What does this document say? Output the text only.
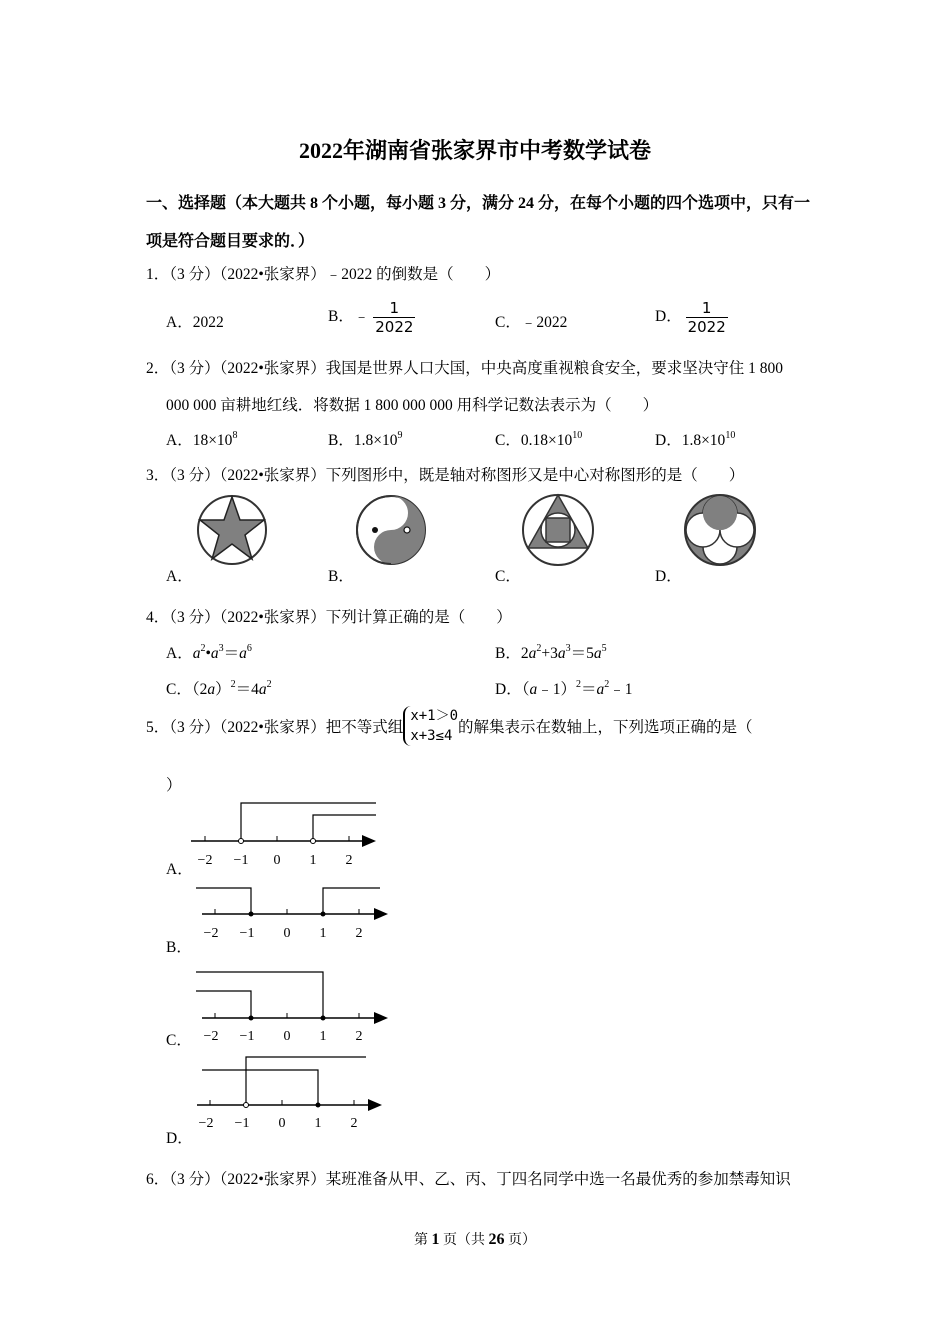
2022年湖南省张家界市中考数学试卷
一、选择题（本大题共 8 个小题，每小题 3 分，满分 24 分，在每个小题的四个选项中，只有一
项是符合题目要求的．）
1．（3 分）（2022•张家界）﹣2022 的倒数是（　　）
A．2022	B．﹣ $\frac{1}{2022}$	C．﹣2022	D． $\frac{1}{2022}$
2．（3 分）（2022•张家界）我国是世界人口大国，中央高度重视粮食安全，要求坚决守住 1 800
000 000 亩耕地红线．将数据 1 800 000 000 用科学记数法表示为（　　）
A．$18\times 10^8$	B．$1.8\times 10^9$	C．$0.18\times 10^{10}$	D．$1.8\times 10^{10}$
3．（3 分）（2022•张家界）下列图形中，既是轴对称图形又是中心对称图形的是（　　）
A．	B．	C．	D．
4．（3 分）（2022•张家界）下列计算正确的是（　　）
A．$a^2•a^3=a^6$	B．$2a^2+3a^3=5a^5$
C．$(2a)^2=4a^2$	D．$(a﹣1)^2=a^2﹣1$
5．（3 分）（2022•张家界）把不等式组
x+1＞0
x+3≤4 的解集表示在数轴上，下列选项正确的是（
）
−2 −1 0 1 2
A．
−2 −1 0 1 2
B．
−2 −1 0 1 2
C．
−2 −1 0 1 2
D．
6．（3 分）（2022•张家界）某班准备从甲、乙、丙、丁四名同学中选一名最优秀的参加禁毒知识
第 1 页（共 26 页）
